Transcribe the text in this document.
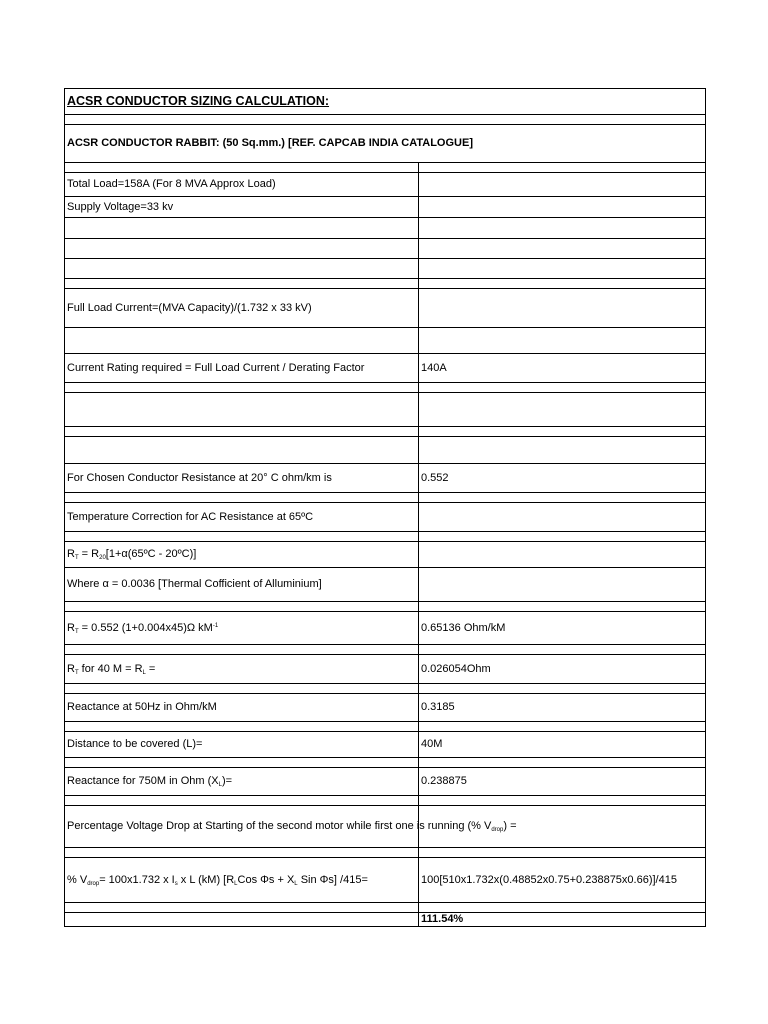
ACSR CONDUCTOR SIZING CALCULATION:	

ACSR CONDUCTOR RABBIT: (50 Sq.mm.) [REF. CAPCAB INDIA CATALOGUE]	

Total Load=158A (For 8 MVA Approx Load)	
Supply Voltage=33 kv	

Full Load Current=(MVA Capacity)/(1.732 x 33 kV)	

Current Rating required = Full Load Current / Derating Factor	140A

For Chosen Conductor Resistance at 20° C ohm/km is	0.552

Temperature Correction for AC Resistance at 65ºC	

$R_T$ = $R_{20}[1+\alpha(65ºC$ - 20ºC)]	
Where α = 0.0036 [Thermal Cofficient of Alluminium]	

$R_T = 0.552$ (1+0.004x45)Ω $kM^{-1}$	0.65136 Ohm/kM

$R_T$ for 40 $M = R_L$ =	0.026054Ohm

Reactance at 50Hz in Ohm/kM	0.3185

Distance to be covered (L)=	40M

Reactance for 750M in Ohm $(X_L)=$	0.238875

Percentage Voltage Drop at Starting of the second motor while first one is running (% $V_{drop}$) =	

% $V_{drop}= 100x1.732$ x $I_s$ x L (kM) [$R_LCos$ $\Phi s + X_L$ Sin Φs] /415=	100[510x1.732x(0.48852x0.75+0.238875x0.66)]/415

	111.54%
